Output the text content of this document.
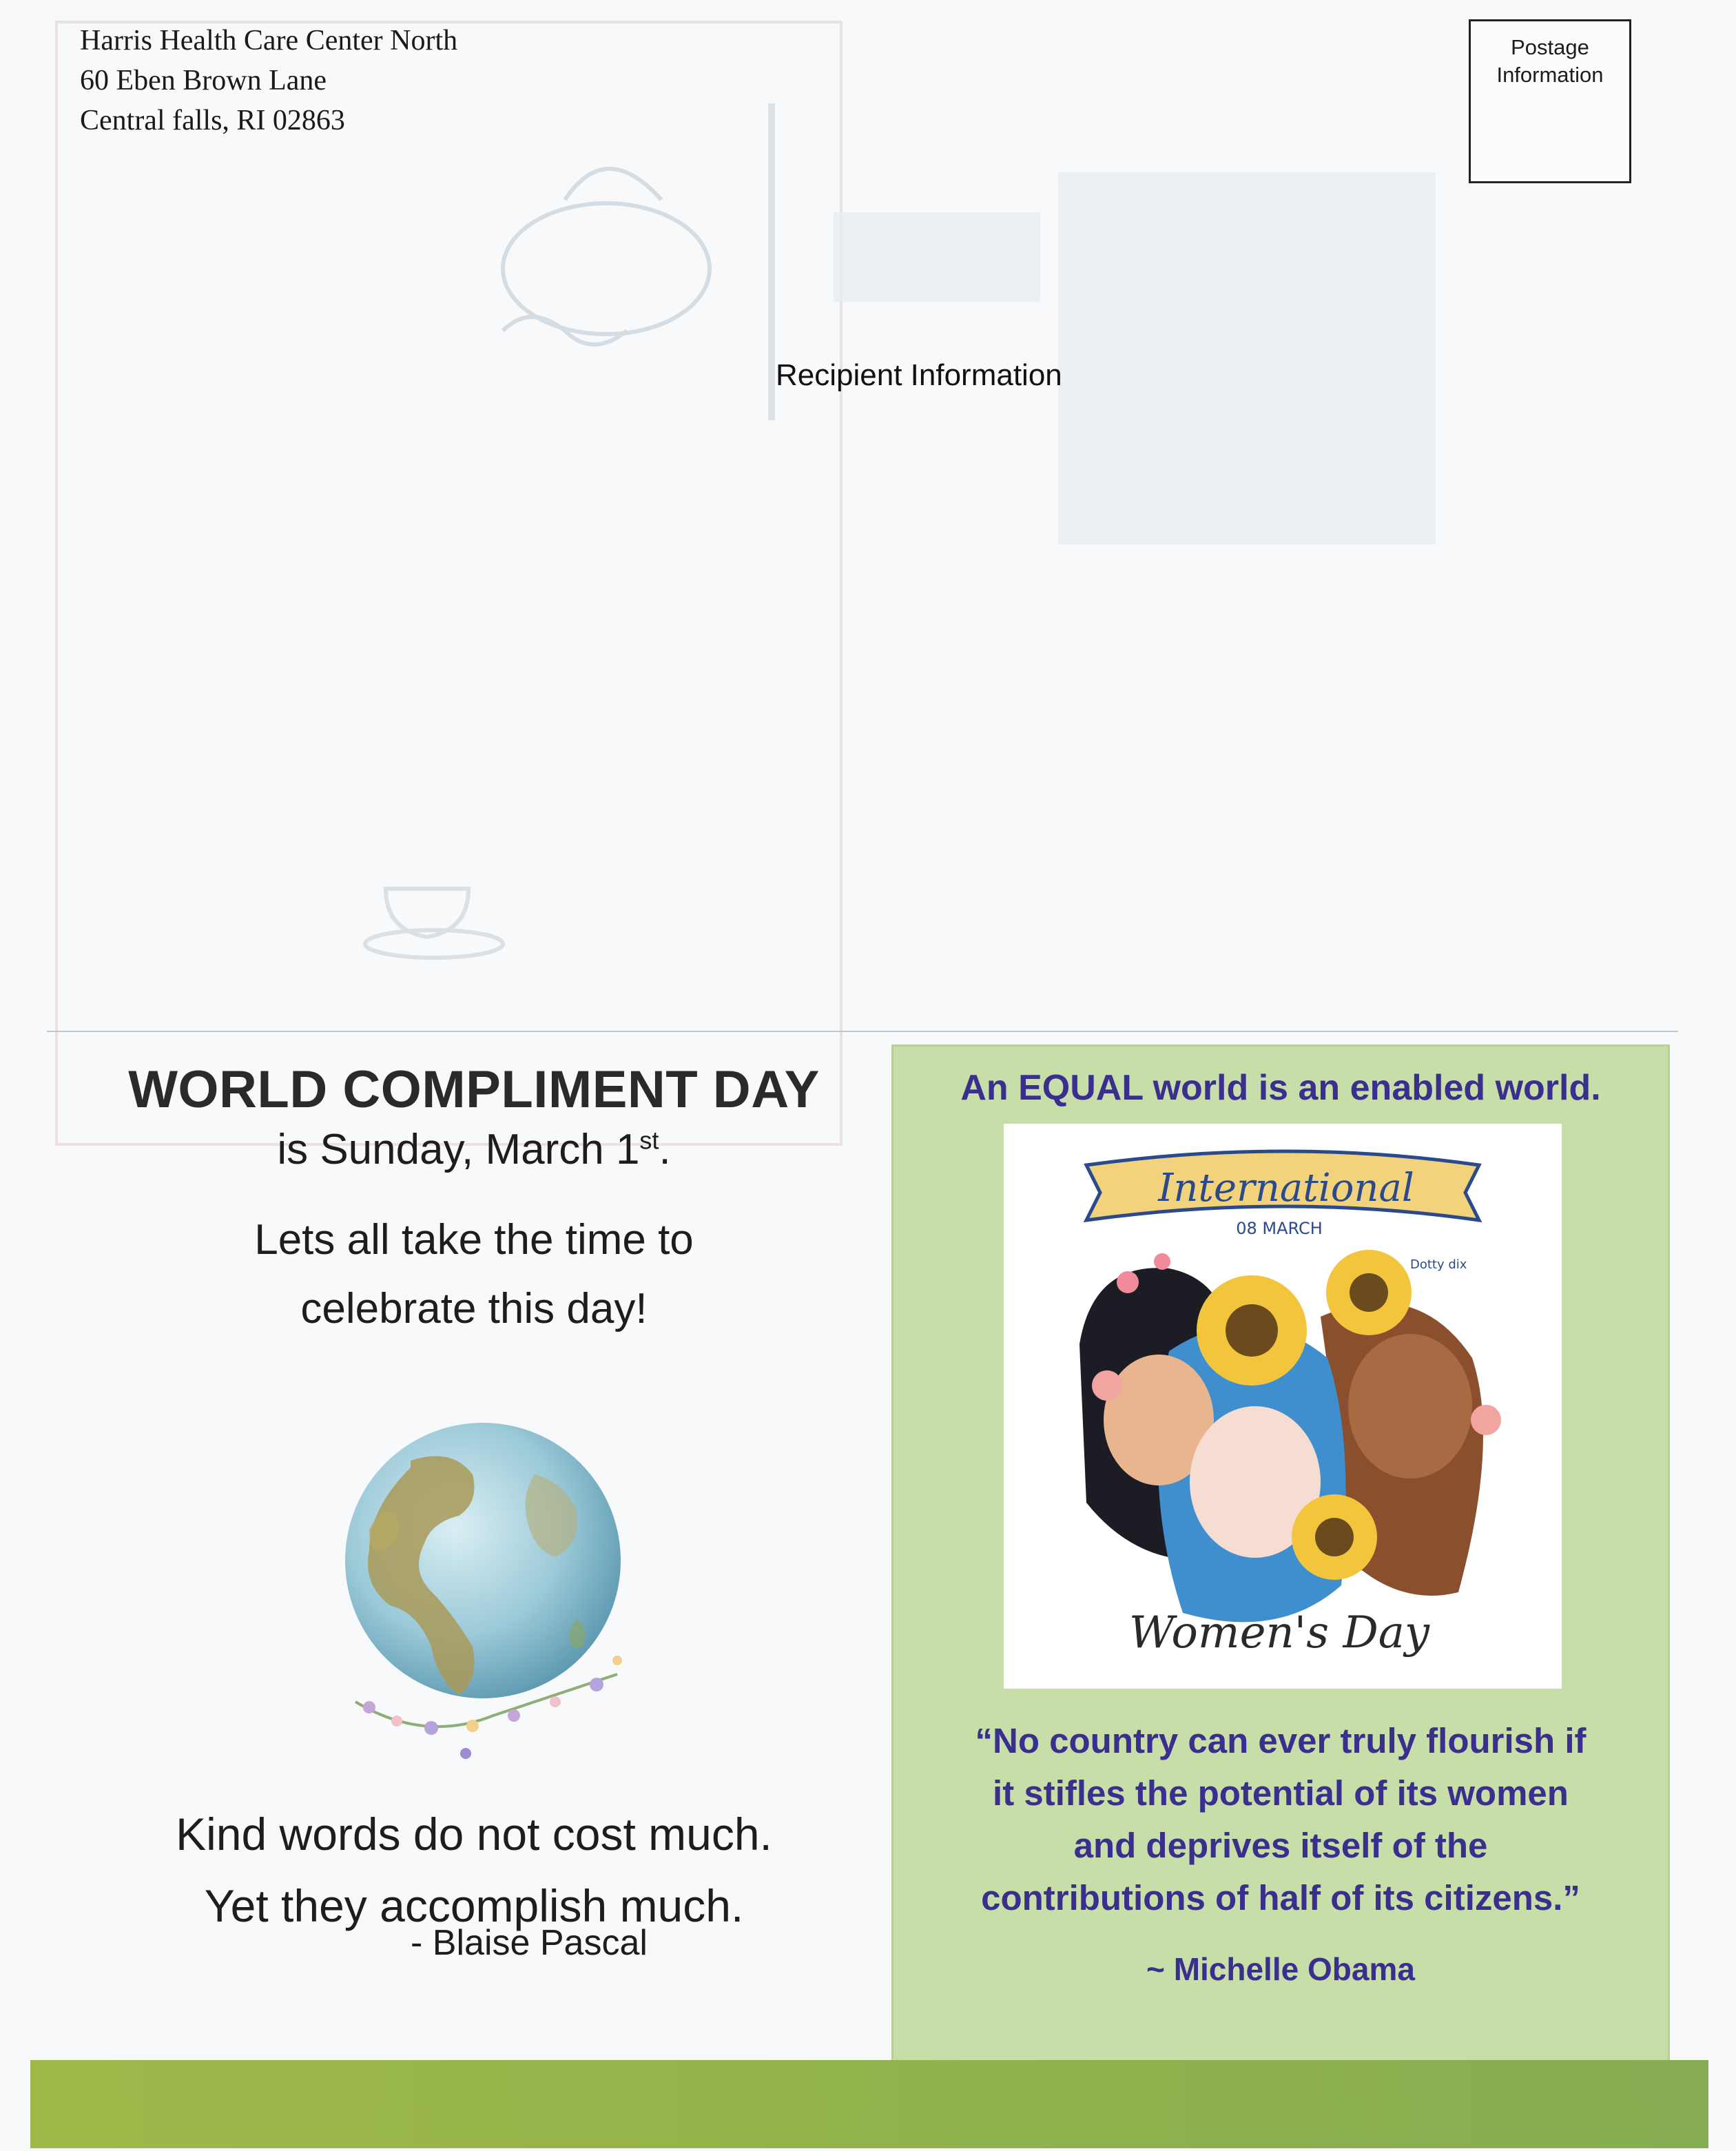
Harris Health Care Center North
60 Eben Brown Lane
Central falls, RI 02863
Postage
Information
Recipient Information
WORLD COMPLIMENT DAY
is Sunday, March 1st.
Lets all take the time to
celebrate this day!
Kind words do not cost much.
Yet they accomplish much.
- Blaise Pascal
An EQUAL world is an enabled world.
International
08 MARCH
Dotty dix
Women's Day
“No country can ever truly flourish if
it stifles the potential of its women
and deprives itself of the
contributions of half of its citizens.”
~ Michelle Obama
